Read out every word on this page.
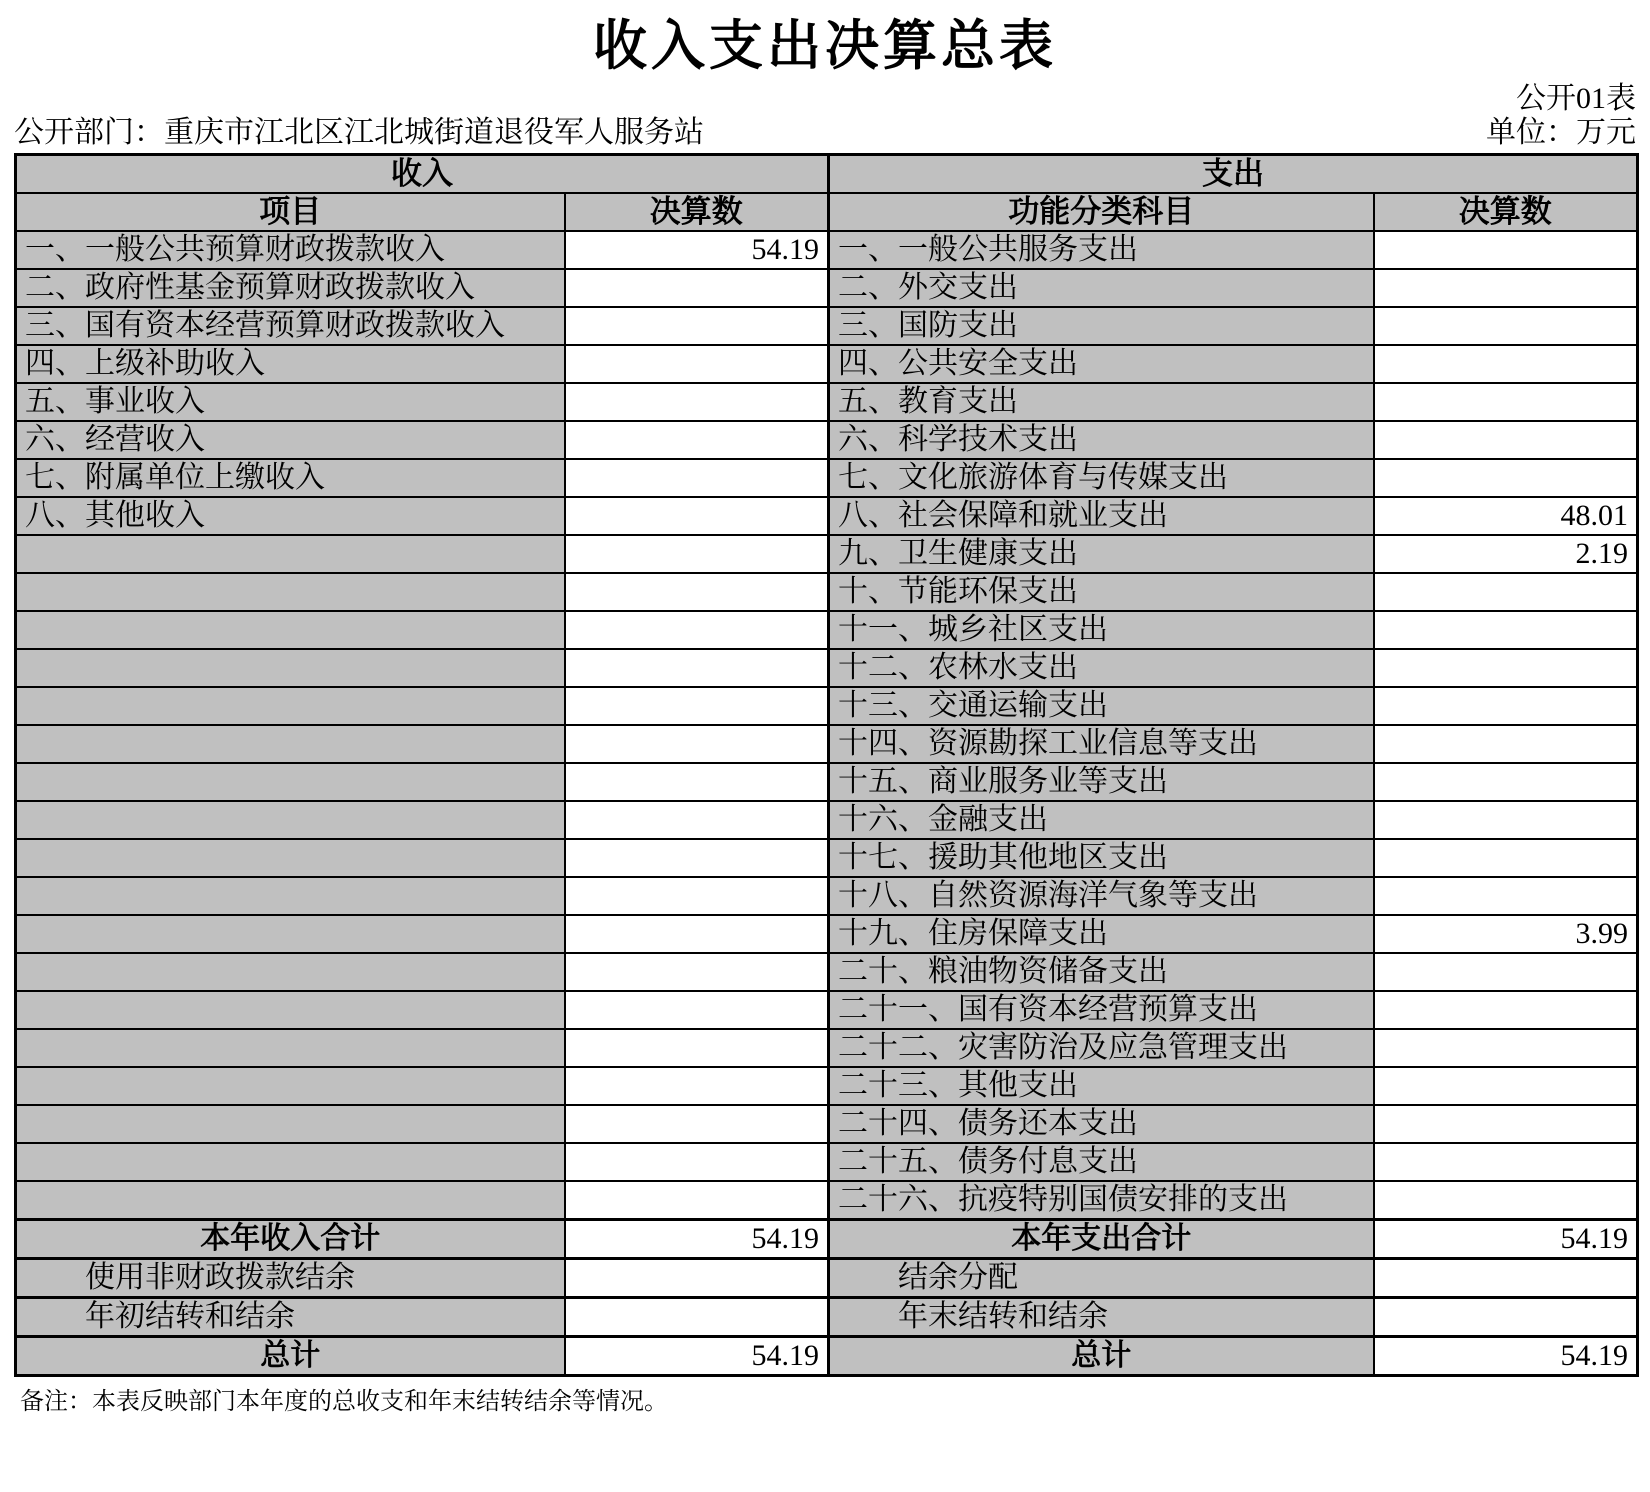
收入支出决算总表
公开01表
公开部门：重庆市江北区江北城街道退役军人服务站	单位：万元
收入		支出	
项目	决算数	功能分类科目	决算数
一、一般公共预算财政拨款收入	54.19	一、一般公共服务支出	
二、政府性基金预算财政拨款收入		二、外交支出	
三、国有资本经营预算财政拨款收入		三、国防支出	
四、上级补助收入		四、公共安全支出	
五、事业收入		五、教育支出	
六、经营收入		六、科学技术支出	
七、附属单位上缴收入		七、文化旅游体育与传媒支出	
八、其他收入		八、社会保障和就业支出	48.01
		九、卫生健康支出	2.19
		十、节能环保支出	
		十一、城乡社区支出	
		十二、农林水支出	
		十三、交通运输支出	
		十四、资源勘探工业信息等支出	
		十五、商业服务业等支出	
		十六、金融支出	
		十七、援助其他地区支出	
		十八、自然资源海洋气象等支出	
		十九、住房保障支出	3.99
		二十、粮油物资储备支出	
		二十一、国有资本经营预算支出	
		二十二、灾害防治及应急管理支出	
		二十三、其他支出	
		二十四、债务还本支出	
		二十五、债务付息支出	
		二十六、抗疫特别国债安排的支出	
本年收入合计	54.19	本年支出合计	54.19
使用非财政拨款结余		结余分配	
年初结转和结余		年末结转和结余	
总计	54.19	总计	54.19
备注：本表反映部门本年度的总收支和年末结转结余等情况。
